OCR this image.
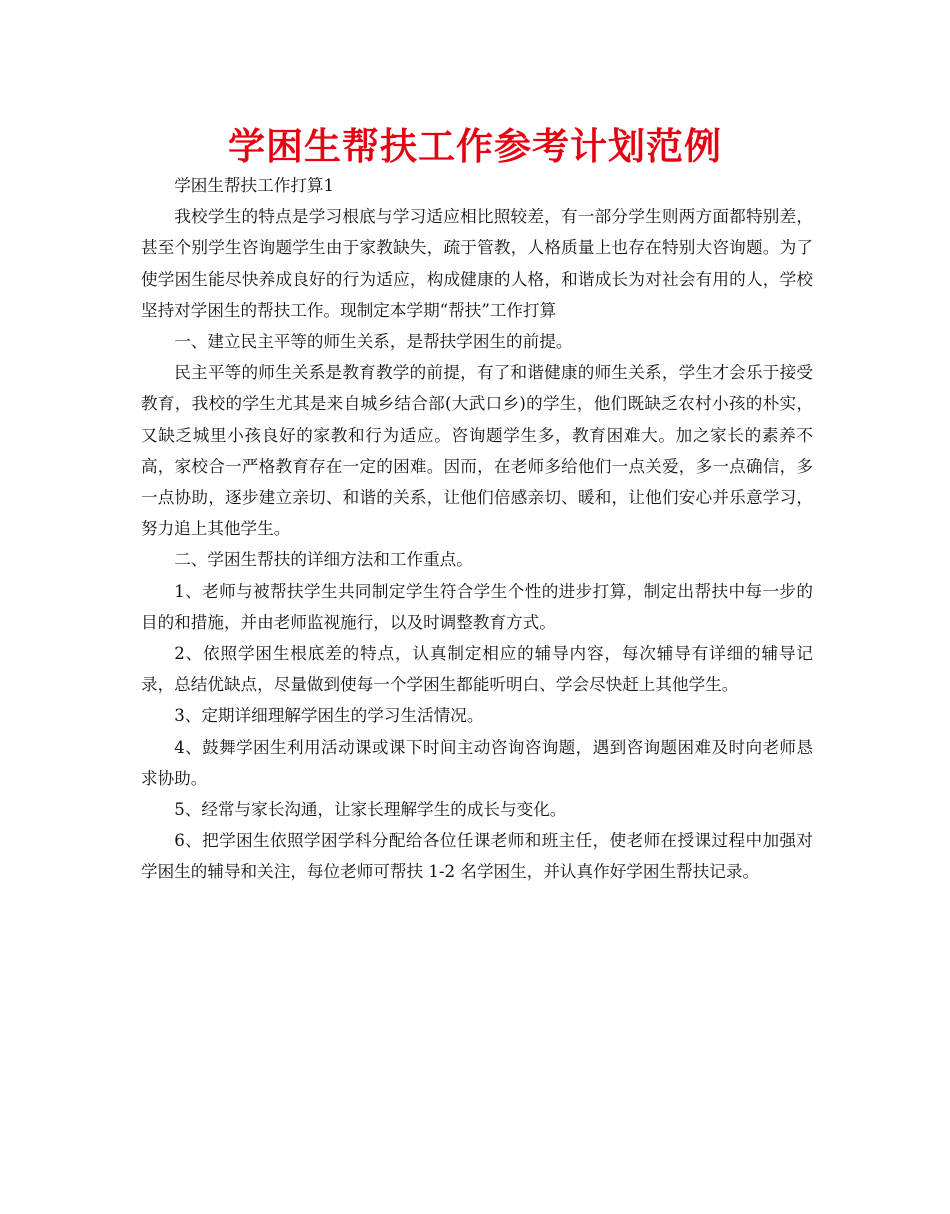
学困生帮扶工作参考计划范例

学困生帮扶工作打算1

我校学生的特点是学习根底与学习适应相比照较差，有一部分学生则两方面都特别差，甚至个别学生咨询题学生由于家教缺失，疏于管教，人格质量上也存在特别大咨询题。为了使学困生能尽快养成良好的行为适应，构成健康的人格，和谐成长为对社会有用的人，学校坚持对学困生的帮扶工作。现制定本学期“帮扶”工作打算

一、建立民主平等的师生关系，是帮扶学困生的前提。

民主平等的师生关系是教育教学的前提，有了和谐健康的师生关系，学生才会乐于接受教育，我校的学生尤其是来自城乡结合部(大武口乡)的学生，他们既缺乏农村小孩的朴实，又缺乏城里小孩良好的家教和行为适应。咨询题学生多，教育困难大。加之家长的素养不高，家校合一严格教育存在一定的困难。因而，在老师多给他们一点关爱，多一点确信，多一点协助，逐步建立亲切、和谐的关系，让他们倍感亲切、暖和，让他们安心并乐意学习，努力追上其他学生。

二、学困生帮扶的详细方法和工作重点。

1、老师与被帮扶学生共同制定学生符合学生个性的进步打算，制定出帮扶中每一步的目的和措施，并由老师监视施行，以及时调整教育方式。

2、依照学困生根底差的特点，认真制定相应的辅导内容，每次辅导有详细的辅导记录，总结优缺点，尽量做到使每一个学困生都能听明白、学会尽快赶上其他学生。

3、定期详细理解学困生的学习生活情况。

4、鼓舞学困生利用活动课或课下时间主动咨询咨询题，遇到咨询题困难及时向老师恳求协助。

5、经常与家长沟通，让家长理解学生的成长与变化。

6、把学困生依照学困学科分配给各位任课老师和班主任，使老师在授课过程中加强对学困生的辅导和关注，每位老师可帮扶 1-2 名学困生，并认真作好学困生帮扶记录。
